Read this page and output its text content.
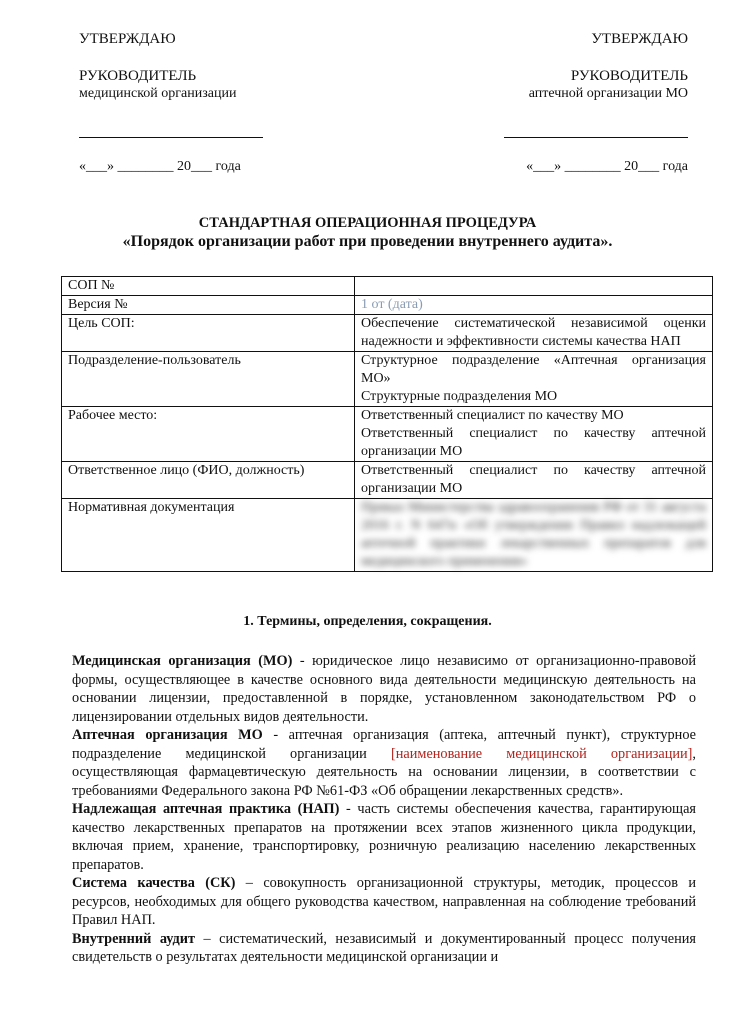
УТВЕРЖДАЮ
РУКОВОДИТЕЛЬ
медицинской организации
«___» ________ 20___ года
УТВЕРЖДАЮ
РУКОВОДИТЕЛЬ
аптечной организации МО
«___» ________ 20___ года
СТАНДАРТНАЯ ОПЕРАЦИОННАЯ ПРОЦЕДУРА
«Порядок организации работ при проведении внутреннего аудита».
СОП №	
Версия №	1 от (дата)
Цель СОП:	Обеспечение систематической независимой оценки надежности и эффективности системы качества НАП
Подразделение-пользователь	Структурное подразделение «Аптечная организация МО»
Структурные подразделения МО

Рабочее место:	Ответственный специалист по качеству МО
Ответственный специалист по качеству аптечной организации МО

Ответственное лицо (ФИО, должность)	Ответственный специалист по качеству аптечной организации МО
Нормативная документация	Приказ Министерства здравоохранения РФ от 31 августа 2016 г. N 647н «Об утверждении Правил надлежащей аптечной практики лекарственных препаратов для медицинского применения»
1. Термины, определения, сокращения.

Медицинская организация (МО) - юридическое лицо независимо от организационно-правовой формы, осуществляющее в качестве основного вида деятельности медицинскую деятельность на основании лицензии, предоставленной в порядке, установленном законодательством РФ о лицензировании отдельных видов деятельности.

Аптечная организация МО - аптечная организация (аптека, аптечный пункт), структурное подразделение медицинской организации [наименование медицинской организации], осуществляющая фармацевтическую деятельность на основании лицензии, в соответствии с требованиями Федерального закона РФ №61-ФЗ «Об обращении лекарственных средств».

Надлежащая аптечная практика (НАП) - часть системы обеспечения качества, гарантирующая качество лекарственных препаратов на протяжении всех этапов жизненного цикла продукции, включая прием, хранение, транспортировку, розничную реализацию населению лекарственных препаратов.

Система качества (СК) – совокупность организационной структуры, методик, процессов и ресурсов, необходимых для общего руководства качеством, направленная на соблюдение требований Правил НАП.

Внутренний аудит – систематический, независимый и документированный процесс получения свидетельств о результатах деятельности медицинской организации и
